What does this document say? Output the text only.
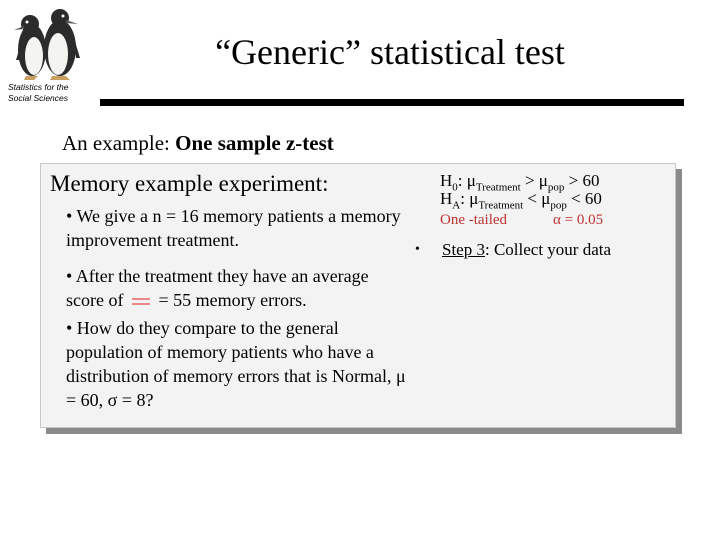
Statistics for the
Social Sciences
“Generic” statistical test
An example: One sample z-test
Memory example experiment:
• We give a n = 16 memory patients a memory improvement treatment.
• After the treatment they have an average score of
= 55 memory errors.
• How do they compare to the general population of memory patients who have a distribution of memory errors that is Normal, μ = 60, σ = 8?
$H_0$: $\mu_{Treatment} > \mu_{pop} > 60$
$H_A$: $\mu_{Treatment} < \mu_{pop} < 60$
One -tailed	α = 0.05
• Step 3: Collect your data
